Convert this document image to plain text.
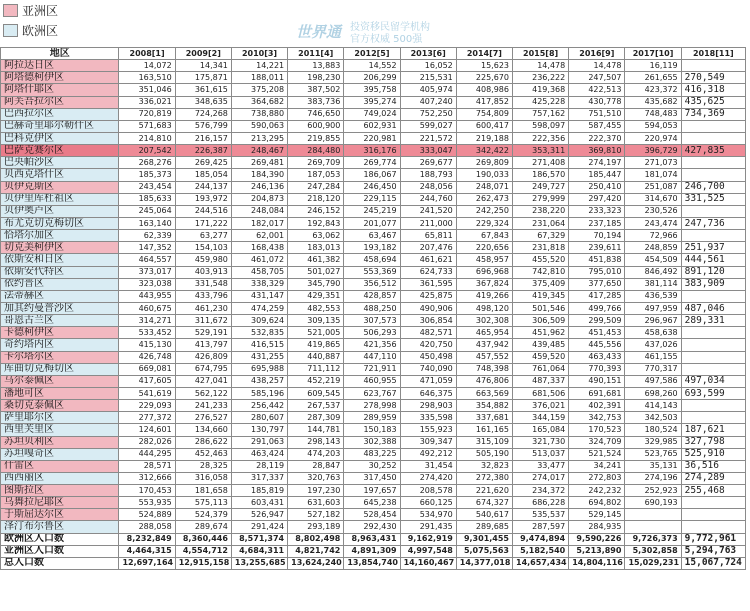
亚洲区
欧洲区	世界通 投资移民留学机构
官方权威 500强
地区	2008[1]	2009[2]	2010[3]	2011[4]	2012[5]	2013[6]	2014[7]	2015[8]	2016[9]	2017[10]	2018[11]
阿拉达日区	14,072	14,341	14,221	13,883	14,552	16,052	15,623	14,478	14,478	16,119	
阿塔德柯伊区	163,510	175,871	188,011	198,230	206,299	215,531	225,670	236,222	247,507	261,655	270,549
阿塔什耶区	351,046	361,615	375,208	387,502	395,758	405,974	408,986	419,368	422,513	423,372	416,318
阿芙吾拉尔区	336,021	348,635	364,682	383,736	395,274	407,240	417,852	425,228	430,778	435,682	435,625
巴西拉尔区	720,819	724,268	738,880	746,650	749,024	752,250	754,809	757,162	751,510	748,483	734,369
巴赫奇里耶尔勒什区	571,683	576,799	590,063	600,900	602,931	599,027	600,417	598,097	587,455	594,053	
巴科克伊区	214,810	216,157	213,295	219,855	220,981	221,572	219,188	222,356	222,370	220,974	
巴萨克赛尔区	207,542	226,387	248,467	284,480	316,176	333,047	342,422	353,311	369,810	396,729	427,835
巴央帕沙区	268,276	269,425	269,481	269,709	269,774	269,677	269,809	271,408	274,197	271,073	
贝西克塔什区	185,373	185,054	184,390	187,053	186,067	188,793	190,033	186,570	185,447	181,074	
贝伊克斯区	243,454	244,137	246,136	247,284	246,450	248,056	248,071	249,727	250,410	251,087	246,700
贝伊里库杜祖区	185,633	193,972	204,873	218,120	229,115	244,760	262,473	279,999	297,420	314,670	331,525
贝伊奥卢区	245,064	244,516	248,084	246,152	245,219	241,520	242,250	238,220	233,323	230,526	
布尤克切克梅切区	163,140	171,222	182,017	192,843	201,077	211,000	229,324	231,064	237,185	243,474	247,736
恰塔尔加区	62,339	63,277	62,001	63,062	63,467	65,811	67,843	67,329	70,194	72,966	
切克美柯伊区	147,352	154,103	168,438	183,013	193,182	207,476	220,656	231,818	239,611	248,859	251,937
依斯安和日区	464,557	459,980	461,072	461,382	458,694	461,621	458,957	455,520	451,838	454,509	444,561
依斯安代特区	373,017	403,913	458,705	501,027	553,369	624,733	696,968	742,810	795,010	846,492	891,120
依约普区	323,038	331,548	338,329	345,790	356,512	361,595	367,824	375,409	377,650	381,114	383,909
法蒂赫区	443,955	433,796	431,147	429,351	428,857	425,875	419,266	419,345	417,285	436,539	
加其约曼普沙区	460,675	461,230	474,259	482,553	488,250	490,906	498,120	501,546	499,766	497,959	487,046
哥恩古兰区	314,271	311,672	309,624	309,135	307,573	306,854	302,308	306,509	299,509	296,967	289,331
卡德柯伊区	533,452	529,191	532,835	521,005	506,293	482,571	465,954	451,962	451,453	458,638	
奇约塔内区	415,130	413,797	416,515	419,865	421,356	420,750	437,942	439,485	445,556	437,026	
卡尔塔尔区	426,748	426,809	431,255	440,887	447,110	450,498	457,552	459,520	463,433	461,155	
库曲切克梅切区	669,081	674,795	695,988	711,112	721,911	740,090	748,398	761,064	770,393	770,317	
马尔泰佩区	417,605	427,041	438,257	452,219	460,955	471,059	476,806	487,337	490,151	497,586	497,034
潘地可区	541,619	562,122	585,196	609,545	623,767	646,375	663,569	681,506	691,681	698,260	693,599
桑切克泰佩区	229,093	241,233	256,442	267,537	278,998	298,903	354,882	376,021	402,391	414,143	
萨里耶尔区	277,372	276,527	280,607	287,309	289,959	335,598	337,681	344,159	342,753	342,503	
西里芙里区	124,601	134,660	130,797	144,781	150,183	155,923	161,165	165,084	170,523	180,524	187,621
苏坦贝利区	282,026	286,622	291,063	298,143	302,388	309,347	315,109	321,730	324,709	329,985	327,798
苏坦嘎奇区	444,295	452,463	463,424	474,203	483,225	492,212	505,190	513,037	521,524	523,765	525,910
什雷区	28,571	28,325	28,119	28,847	30,252	31,454	32,823	33,477	34,241	35,131	36,516
西西丽区	312,666	316,058	317,337	320,763	317,450	274,420	272,380	274,017	272,803	274,196	274,289
图斯拉区	170,453	181,658	185,819	197,230	197,657	208,578	221,620	234,372	242,232	252,923	255,468
乌舞拉尼耶区	553,935	575,113	603,431	631,603	645,238	660,125	674,327	686,228	694,802	690,193	
于斯屈达尔区	524,889	524,379	526,947	527,182	528,454	534,970	540,617	535,537	529,145		
泽汀布尔鲁区	288,058	289,674	291,424	293,189	292,430	291,435	289,685	287,597	284,935		
欧洲区人口数	8,232,849	8,360,446	8,571,374	8,802,498	8,963,431	9,162,919	9,301,455	9,474,894	9,590,226	9,726,373	9,772,961
亚洲区人口数	4,464,315	4,554,712	4,684,311	4,821,742	4,891,309	4,997,548	5,075,563	5,182,540	5,213,890	5,302,858	5,294,763
总人口数	12,697,164	12,915,158	13,255,685	13,624,240	13,854,740	14,160,467	14,377,018	14,657,434	14,804,116	15,029,231	15,067,724
